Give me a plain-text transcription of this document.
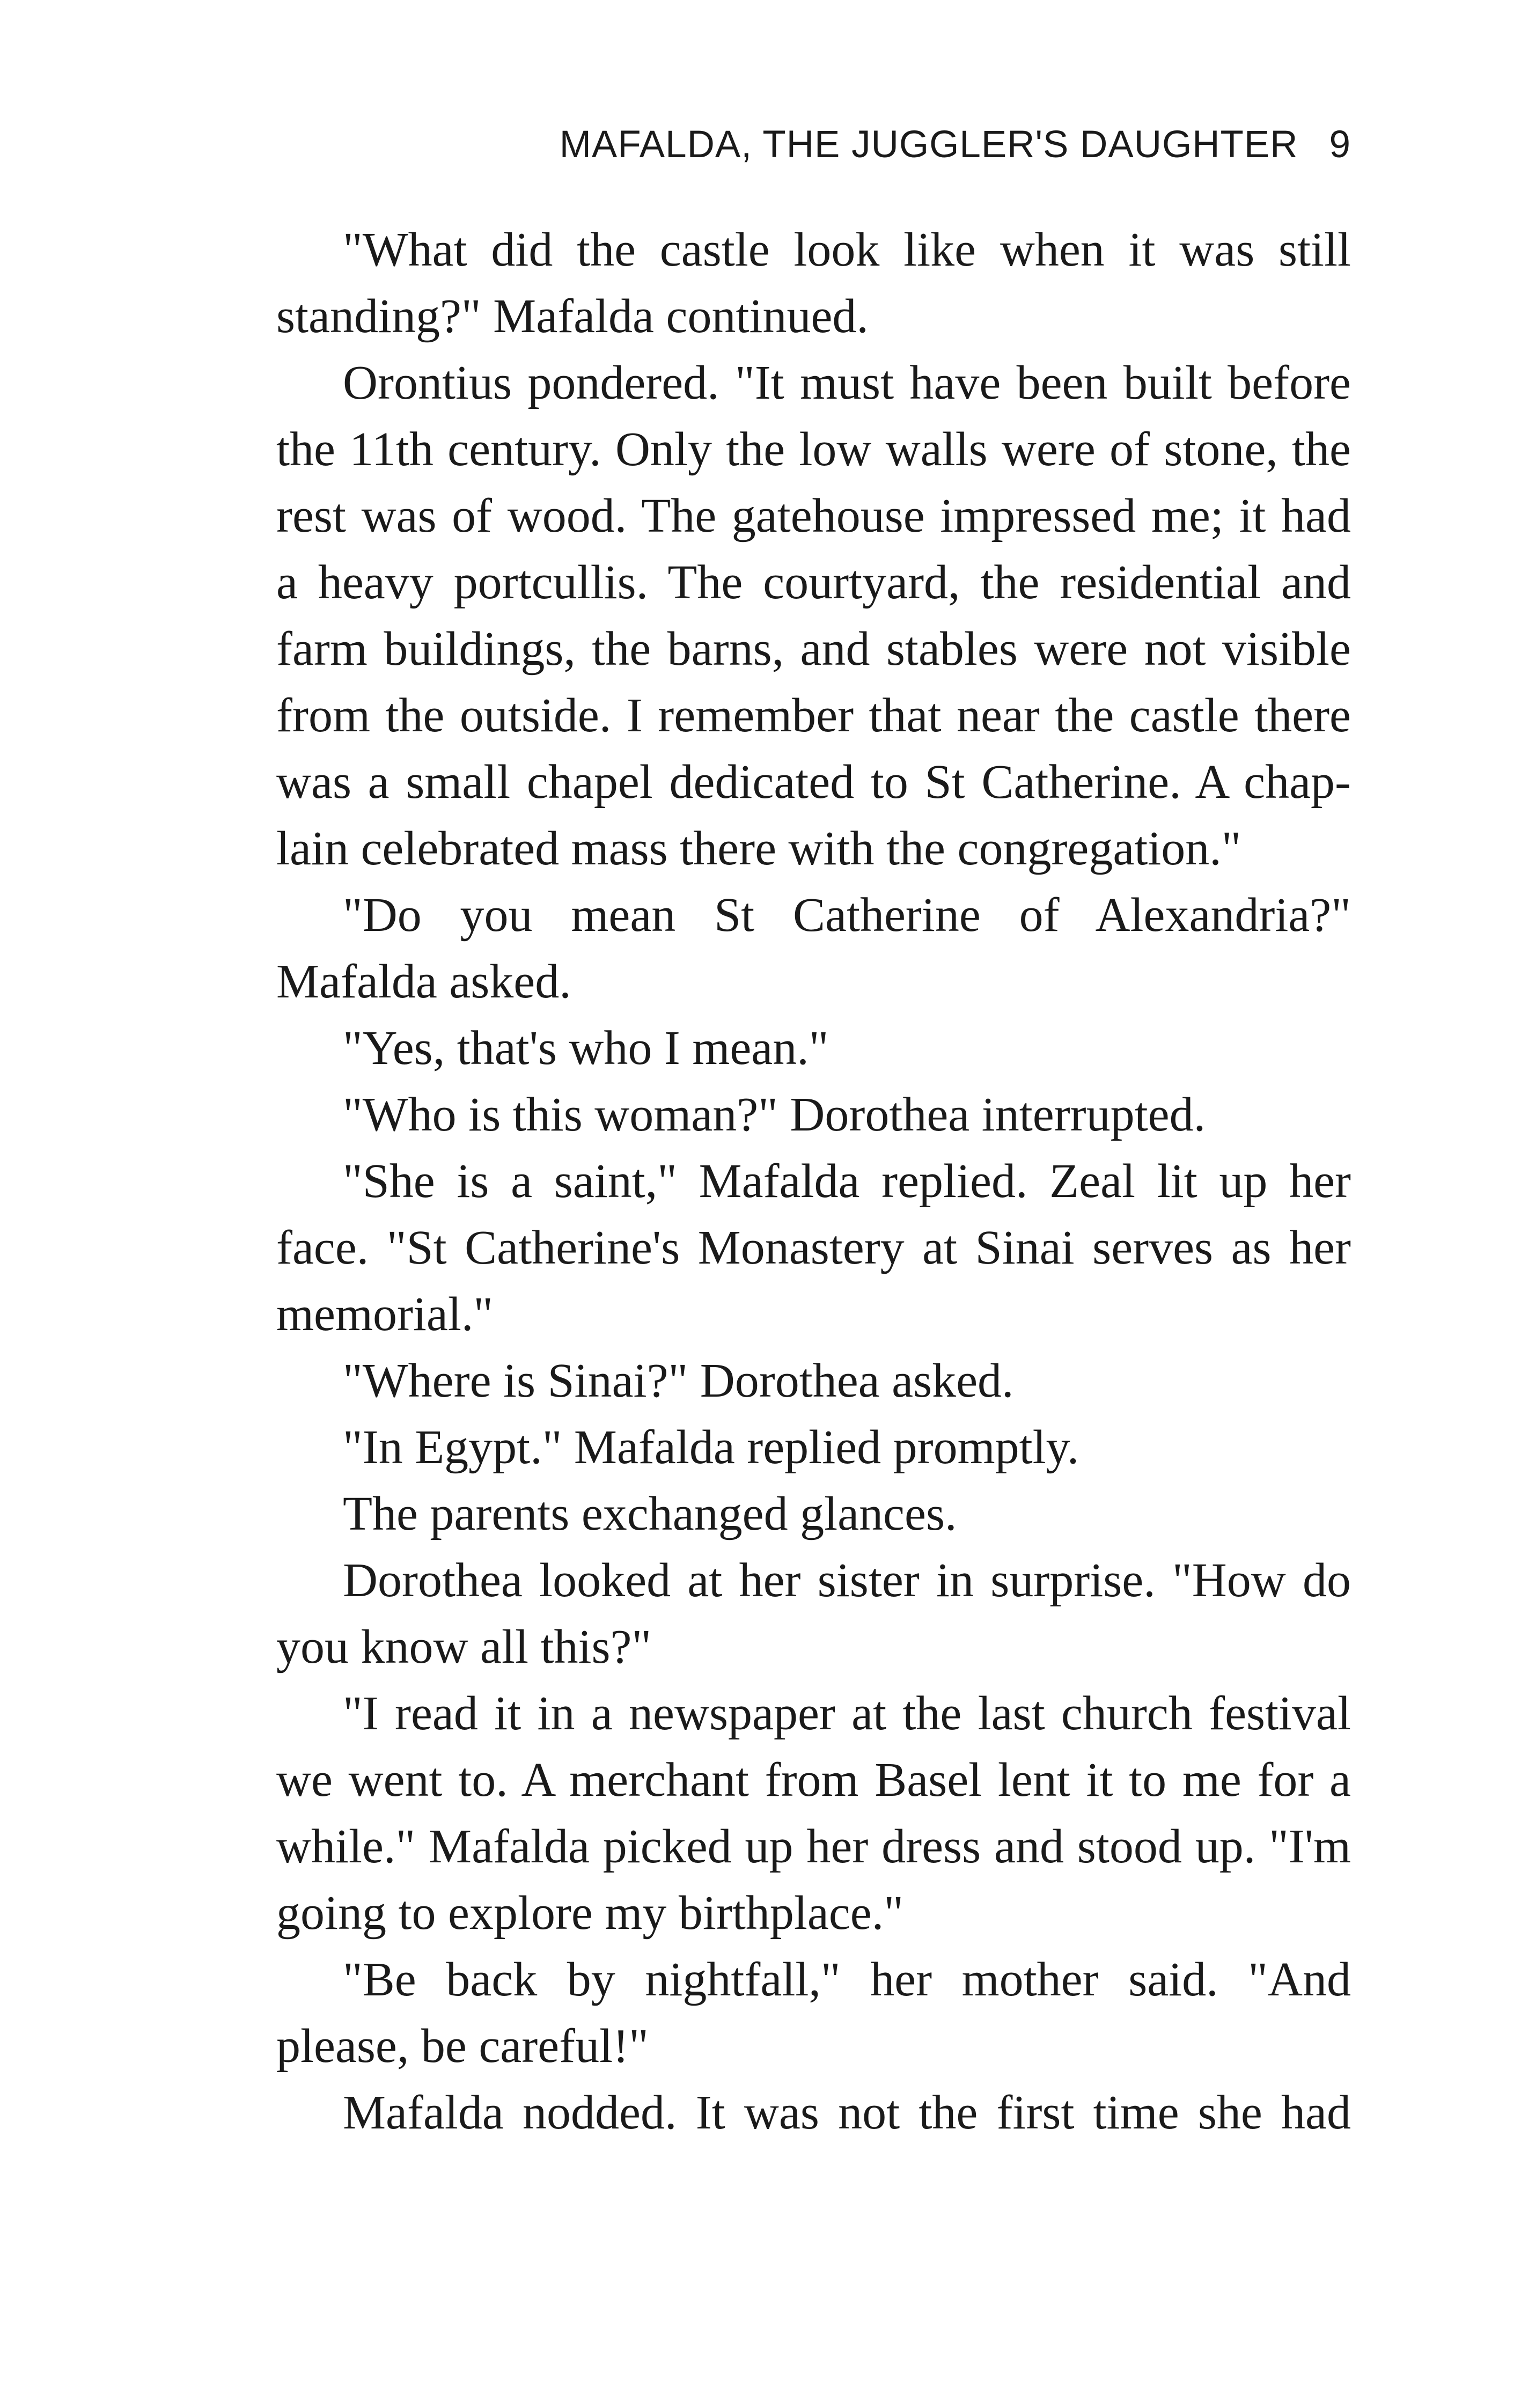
MAFALDA, THE JUGGLER'S DAUGHTER 9

"What did the castle look like when it was still standing?" Mafalda continued.

Orontius pondered. "It must have been built before the 11th century. Only the low walls were of stone, the rest was of wood. The gatehouse impressed me; it had a heavy portcullis. The courtyard, the residential and farm buildings, the barns, and stables were not visible from the outside. I remember that near the castle there was a small chapel dedicated to St Catherine. A chaplain celebrated mass there with the congregation."

"Do you mean St Catherine of Alexandria?" Mafalda asked.

"Yes, that's who I mean."

"Who is this woman?" Dorothea interrupted.

"She is a saint," Mafalda replied. Zeal lit up her face. "St Catherine's Monastery at Sinai serves as her memorial."

"Where is Sinai?" Dorothea asked.

"In Egypt." Mafalda replied promptly.

The parents exchanged glances.

Dorothea looked at her sister in surprise. "How do you know all this?"

"I read it in a newspaper at the last church festival we went to. A merchant from Basel lent it to me for a while." Mafalda picked up her dress and stood up. "I'm going to explore my birthplace."

"Be back by nightfall," her mother said. "And please, be careful!"

Mafalda nodded. It was not the first time she had
